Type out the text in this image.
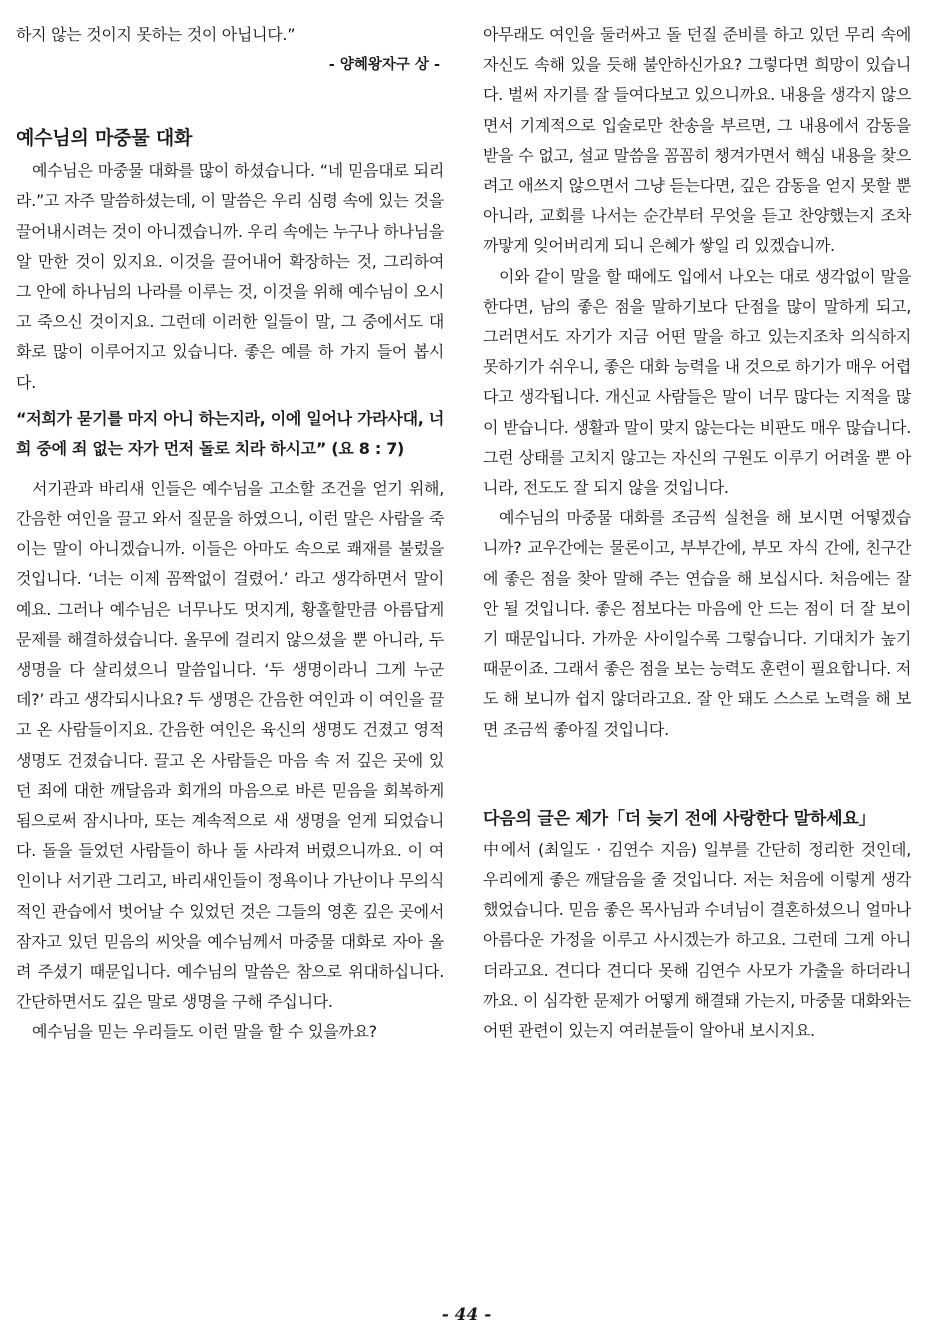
하지 않는 것이지 못하는 것이 아닙니다.”

- 양혜왕자구 상 -

예수님의 마중물 대화

예수님은 마중물 대화를 많이 하셨습니다. “네 믿음대로 되리라.”고 자주 말씀하셨는데, 이 말씀은 우리 심령 속에 있는 것을 끌어내시려는 것이 아니겠습니까. 우리 속에는 누구나 하나님을 알 만한 것이 있지요. 이것을 끌어내어 확장하는 것, 그리하여 그 안에 하나님의 나라를 이루는 것, 이것을 위해 예수님이 오시고 죽으신 것이지요. 그런데 이러한 일들이 말, 그 중에서도 대화로 많이 이루어지고 있습니다. 좋은 예를 하 가지 들어 봅시다.

“저희가 묻기를 마지 아니 하는지라, 이에 일어나 가라사대, 너희 중에 죄 없는 자가 먼저 돌로 치라 하시고” (요 8 : 7)

서기관과 바리새 인들은 예수님을 고소할 조건을 얻기 위해, 간음한 여인을 끌고 와서 질문을 하였으니, 이런 말은 사람을 죽이는 말이 아니겠습니까. 이들은 아마도 속으로 쾌재를 불렀을 것입니다. ‘너는 이제 꼼짝없이 걸렸어.’ 라고 생각하면서 말이예요. 그러나 예수님은 너무나도 멋지게, 황홀할만큼 아름답게 문제를 해결하셨습니다. 올무에 걸리지 않으셨을 뿐 아니라, 두 생명을 다 살리셨으니 말씀입니다. ‘두 생명이라니 그게 누군데?’ 라고 생각되시나요? 두 생명은 간음한 여인과 이 여인을 끌고 온 사람들이지요. 간음한 여인은 육신의 생명도 건졌고 영적 생명도 건졌습니다. 끌고 온 사람들은 마음 속 저 깊은 곳에 있던 죄에 대한 깨달음과 회개의 마음으로 바른 믿음을 회복하게 됨으로써 잠시나마, 또는 계속적으로 새 생명을 얻게 되었습니다. 돌을 들었던 사람들이 하나 둘 사라져 버렸으니까요. 이 여인이나 서기관 그리고, 바리새인들이 정욕이나 가난이나 무의식적인 관습에서 벗어날 수 있었던 것은 그들의 영혼 깊은 곳에서 잠자고 있던 믿음의 씨앗을 예수님께서 마중물 대화로 자아 올려 주셨기 때문입니다. 예수님의 말씀은 참으로 위대하십니다. 간단하면서도 깊은 말로 생명을 구해 주십니다.

예수님을 믿는 우리들도 이런 말을 할 수 있을까요?

아무래도 여인을 둘러싸고 돌 던질 준비를 하고 있던 무리 속에 자신도 속해 있을 듯해 불안하신가요? 그렇다면 희망이 있습니다. 벌써 자기를 잘 들여다보고 있으니까요. 내용을 생각지 않으면서 기계적으로 입술로만 찬송을 부르면, 그 내용에서 감동을 받을 수 없고, 설교 말씀을 꼼꼼히 챙겨가면서 핵심 내용을 찾으려고 애쓰지 않으면서 그냥 듣는다면, 깊은 감동을 얻지 못할 뿐 아니라, 교회를 나서는 순간부터 무엇을 듣고 찬양했는지 조차 까맣게 잊어버리게 되니 은혜가 쌓일 리 있겠습니까.

이와 같이 말을 할 때에도 입에서 나오는 대로 생각없이 말을 한다면, 남의 좋은 점을 말하기보다 단점을 많이 말하게 되고, 그러면서도 자기가 지금 어떤 말을 하고 있는지조차 의식하지 못하기가 쉬우니, 좋은 대화 능력을 내 것으로 하기가 매우 어렵다고 생각됩니다. 개신교 사람들은 말이 너무 많다는 지적을 많이 받습니다. 생활과 말이 맞지 않는다는 비판도 매우 많습니다. 그런 상태를 고치지 않고는 자신의 구원도 이루기 어려울 뿐 아니라, 전도도 잘 되지 않을 것입니다.

예수님의 마중물 대화를 조금씩 실천을 해 보시면 어떻겠습니까? 교우간에는 물론이고, 부부간에, 부모 자식 간에, 친구간에 좋은 점을 찾아 말해 주는 연습을 해 보십시다. 처음에는 잘 안 될 것입니다. 좋은 점보다는 마음에 안 드는 점이 더 잘 보이기 때문입니다. 가까운 사이일수록 그렇습니다. 기대치가 높기 때문이죠. 그래서 좋은 점을 보는 능력도 훈련이 필요합니다. 저도 해 보니까 쉽지 않더라고요. 잘 안 돼도 스스로 노력을 해 보면 조금씩 좋아질 것입니다.

다음의 글은 제가「더 늦기 전에 사랑한다 말하세요」

中에서 (최일도 · 김연수 지음) 일부를 간단히 정리한 것인데, 우리에게 좋은 깨달음을 줄 것입니다. 저는 처음에 이렇게 생각했었습니다. 믿음 좋은 목사님과 수녀님이 결혼하셨으니 얼마나 아름다운 가정을 이루고 사시겠는가 하고요. 그런데 그게 아니더라고요. 견디다 견디다 못해 김연수 사모가 가출을 하더라니까요. 이 심각한 문제가 어떻게 해결돼 가는지, 마중물 대화와는 어떤 관련이 있는지 여러분들이 알아내 보시지요.

- 44 -
